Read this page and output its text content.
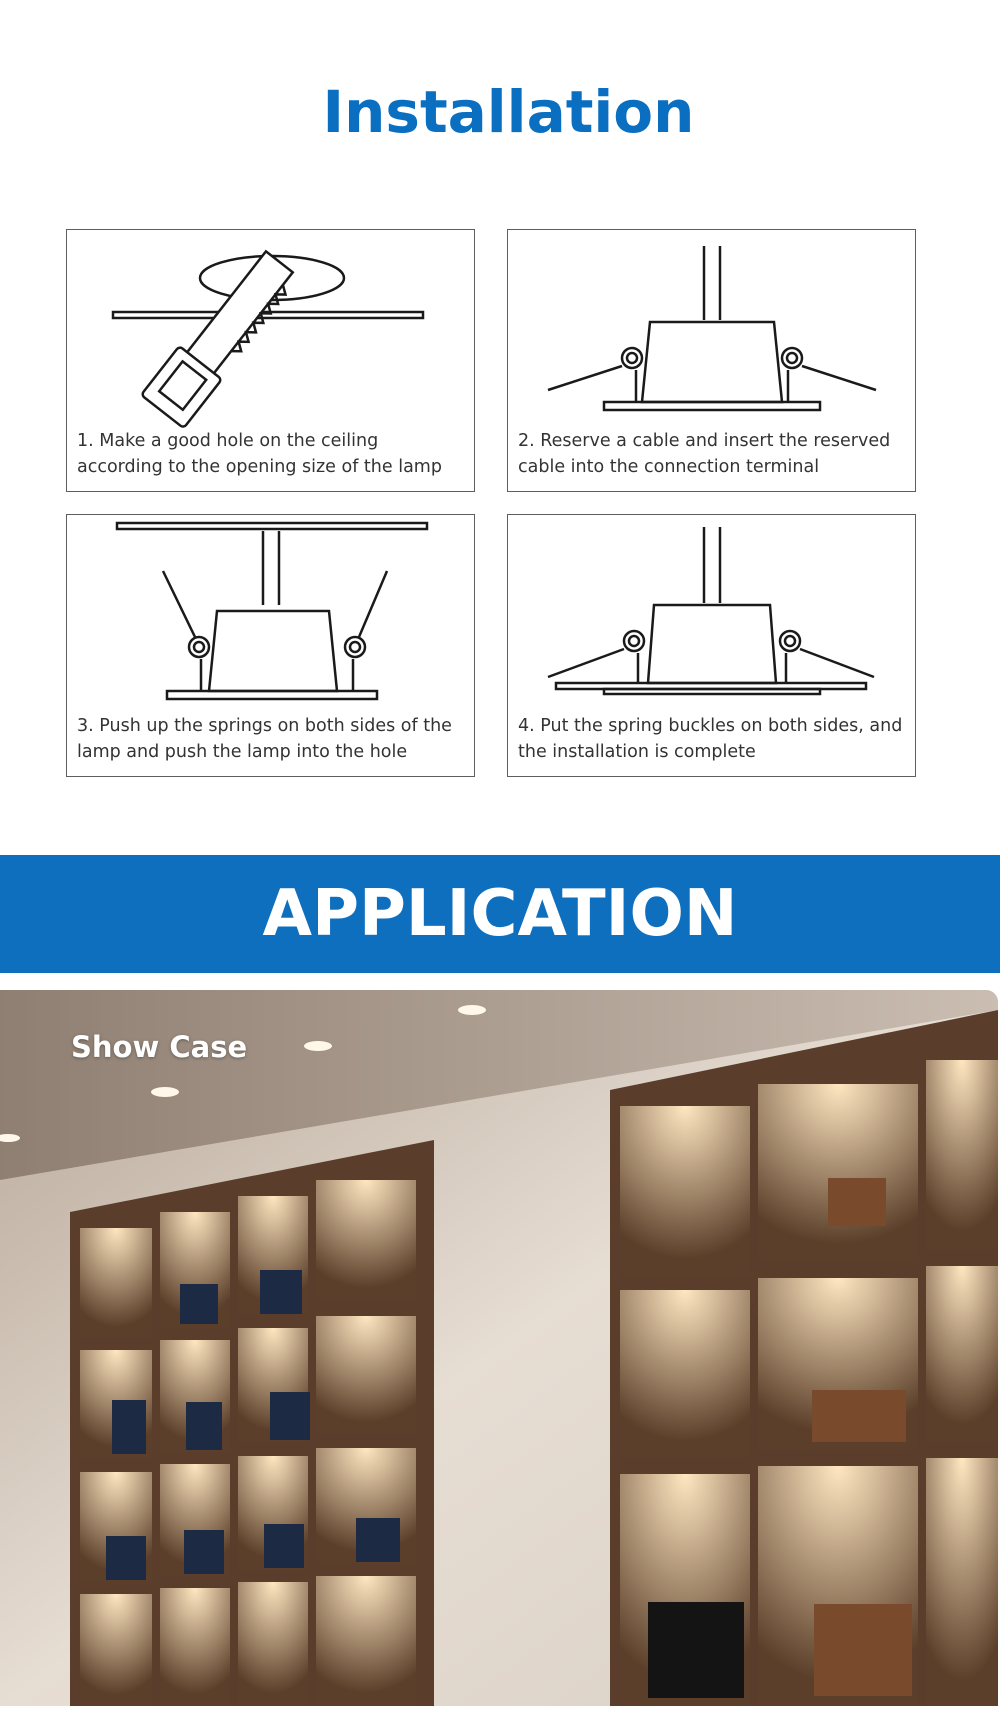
Installation

1. Make a good hole on the ceiling according to the opening size of the lamp

2. Reserve a cable and insert the reserved cable into the connection terminal

3. Push up the springs on both sides of the lamp and push the lamp into the hole

4. Put the spring buckles on both sides, and the installation is complete

APPLICATION

Show Case
